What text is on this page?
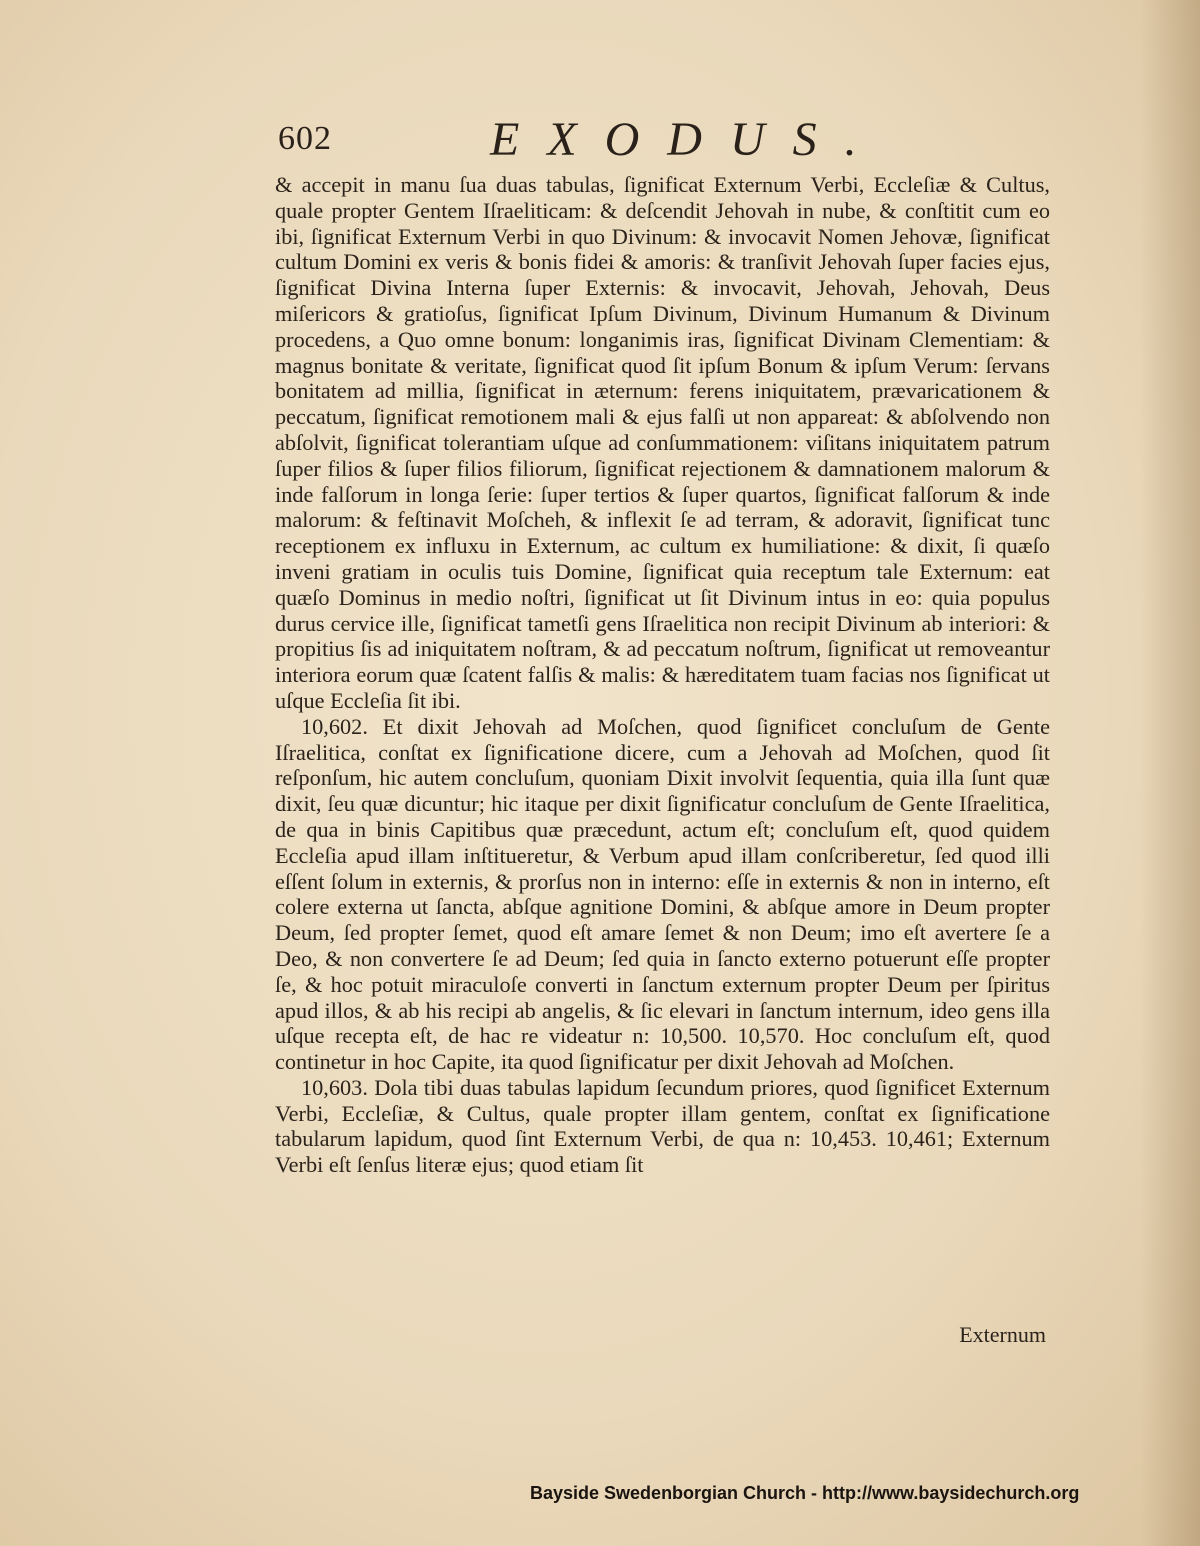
602	EXODUS.

& accepit in manu ſua duas tabulas, ſignificat Externum Verbi, Eccleſiæ & Cultus, quale propter Gentem Iſraeliticam: & deſcendit Jehovah in nube, & conſtitit cum eo ibi, ſignificat Externum Verbi in quo Divinum: & invocavit Nomen Jehovæ, ſignificat cultum Domini ex veris & bonis fidei & amoris: & tranſivit Jehovah ſuper facies ejus, ſignificat Divina Interna ſuper Externis: & invocavit, Jehovah, Jehovah, Deus miſericors & gratioſus, ſignificat Ipſum Divinum, Divinum Humanum & Divinum procedens, a Quo omne bonum: longanimis iras, ſignificat Divinam Clementiam: & magnus bonitate & veritate, ſignificat quod ſit ipſum Bonum & ipſum Verum: ſervans bonitatem ad millia, ſignificat in æternum: ferens iniquitatem, prævaricationem & peccatum, ſignificat remotionem mali & ejus falſi ut non appareat: & abſolvendo non abſolvit, ſignificat tolerantiam uſque ad conſummationem: viſitans iniquitatem patrum ſuper filios & ſuper filios filiorum, ſignificat rejectionem & damnationem malorum & inde falſorum in longa ſerie: ſuper tertios & ſuper quartos, ſignificat falſorum & inde malorum: & feſtinavit Moſcheh, & inflexit ſe ad terram, & adoravit, ſignificat tunc receptionem ex influxu in Externum, ac cultum ex humiliatione: & dixit, ſi quæſo inveni gratiam in oculis tuis Domine, ſignificat quia receptum tale Externum: eat quæſo Dominus in medio noſtri, ſignificat ut ſit Divinum intus in eo: quia populus durus cervice ille, ſignificat tametſi gens Iſraelitica non recipit Divinum ab interiori: & propitius ſis ad iniquitatem noſtram, & ad peccatum noſtrum, ſignificat ut removeantur interiora eorum quæ ſcatent falſis & malis: & hæreditatem tuam facias nos ſignificat ut uſque Eccleſia ſit ibi.

10,602. Et dixit Jehovah ad Moſchen, quod ſignificet concluſum de Gente Iſraelitica, conſtat ex ſignificatione dicere, cum a Jehovah ad Moſchen, quod ſit reſponſum, hic autem concluſum, quoniam Dixit involvit ſequentia, quia illa ſunt quæ dixit, ſeu quæ dicuntur; hic itaque per dixit ſignificatur concluſum de Gente Iſraelitica, de qua in binis Capitibus quæ præcedunt, actum eſt; concluſum eſt, quod quidem Eccleſia apud illam inſtitueretur, & Verbum apud illam conſcriberetur, ſed quod illi eſſent ſolum in externis, & prorſus non in interno: eſſe in externis & non in interno, eſt colere externa ut ſancta, abſque agnitione Domini, & abſque amore in Deum propter Deum, ſed propter ſemet, quod eſt amare ſemet & non Deum; imo eſt avertere ſe a Deo, & non convertere ſe ad Deum; ſed quia in ſancto externo potuerunt eſſe propter ſe, & hoc potuit miraculoſe converti in ſanctum externum propter Deum per ſpiritus apud illos, & ab his recipi ab angelis, & ſic elevari in ſanctum internum, ideo gens illa uſque recepta eſt, de hac re videatur n: 10,500. 10,570. Hoc concluſum eſt, quod continetur in hoc Capite, ita quod ſignificatur per dixit Jehovah ad Moſchen.

10,603. Dola tibi duas tabulas lapidum ſecundum priores, quod ſignificet Externum Verbi, Eccleſiæ, & Cultus, quale propter illam gentem, conſtat ex ſignificatione tabularum lapidum, quod ſint Externum Verbi, de qua n: 10,453. 10,461; Externum Verbi eſt ſenſus literæ ejus; quod etiam ſit

Externum
Bayside Swedenborgian Church - http://www.baysidechurch.org
